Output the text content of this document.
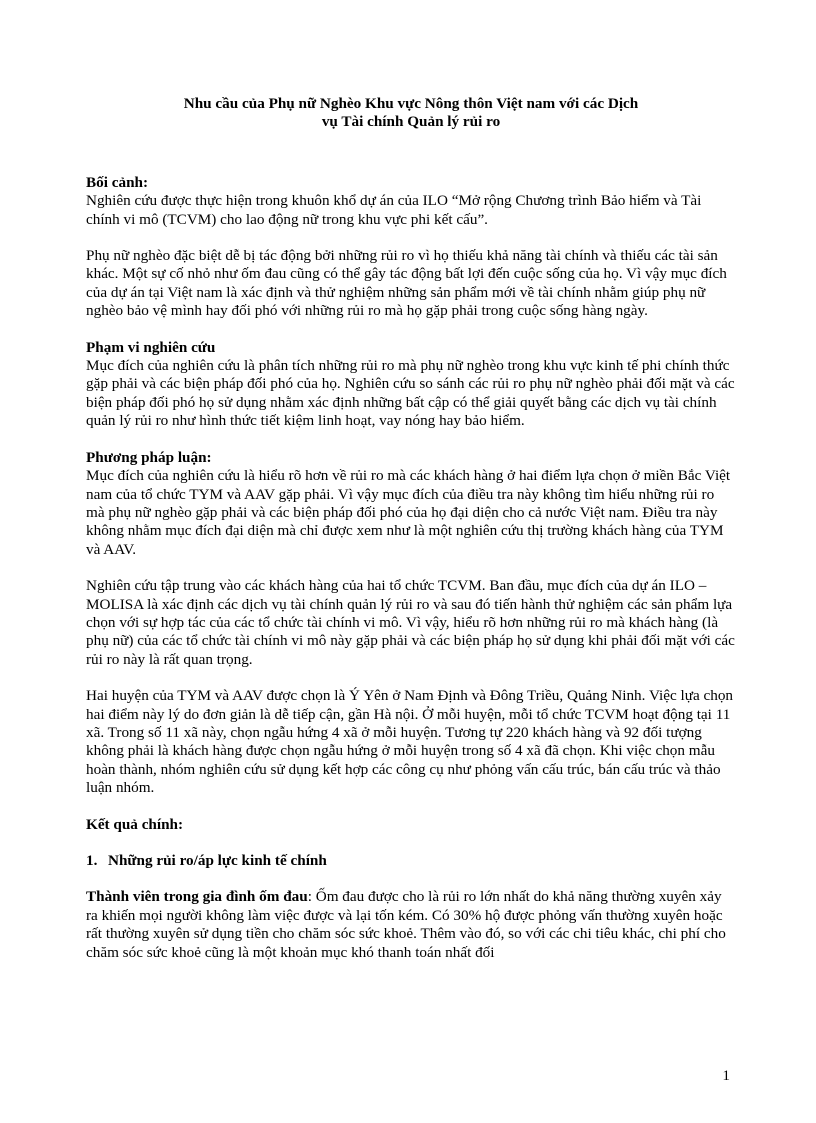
Nhu cầu của Phụ nữ Nghèo Khu vực Nông thôn Việt nam với các Dịch
vụ Tài chính Quản lý rủi ro

Bối cảnh:

Nghiên cứu được thực hiện trong khuôn khổ dự án của ILO “Mở rộng Chương trình Bảo hiểm và Tài chính vi mô (TCVM) cho lao động nữ trong khu vực phi kết cấu”.

Phụ nữ nghèo đặc biệt dễ bị tác động bởi những rủi ro vì họ thiếu khả năng tài chính và thiếu các tài sản khác. Một sự cố nhỏ như ốm đau cũng có thể gây tác động bất lợi đến cuộc sống của họ. Vì vậy mục đích của dự án tại Việt nam là xác định và thử nghiệm những sản phẩm mới về tài chính nhằm giúp phụ nữ nghèo bảo vệ mình hay đối phó với những rủi ro mà họ gặp phải trong cuộc sống hàng ngày.

Phạm vi nghiên cứu

Mục đích của nghiên cứu là phân tích những rủi ro mà phụ nữ nghèo trong khu vực kinh tế phi chính thức gặp phải và các biện pháp đối phó của họ. Nghiên cứu so sánh các rủi ro phụ nữ nghèo phải đối mặt và các biện pháp đối phó họ sử dụng nhằm xác định những bất cập có thể giải quyết bằng các dịch vụ tài chính quản lý rủi ro như hình thức tiết kiệm linh hoạt, vay nóng hay bảo hiểm.

Phương pháp luận:

Mục đích của nghiên cứu là hiểu rõ hơn về rủi ro mà các khách hàng ở hai điểm lựa chọn ở miền Bắc Việt nam của tổ chức TYM và AAV gặp phải. Vì vậy mục đích của điều tra này không tìm hiểu những rủi ro mà phụ nữ nghèo gặp phải và các biện pháp đối phó của họ đại diện cho cả nước Việt nam. Điều tra này không nhằm mục đích đại diện mà chỉ được xem như là một nghiên cứu thị trường khách hàng của TYM và AAV.

Nghiên cứu tập trung vào các khách hàng của hai tổ chức TCVM. Ban đầu, mục đích của dự án ILO – MOLISA là xác định các dịch vụ tài chính quản lý rủi ro và sau đó tiến hành thử nghiệm các sản phẩm lựa chọn với sự hợp tác của các tổ chức tài chính vi mô. Vì vậy, hiểu rõ hơn những rủi ro mà khách hàng (là phụ nữ) của các tổ chức tài chính vi mô này gặp phải và các biện pháp họ sử dụng khi phải đối mặt với các rủi ro này là rất quan trọng.

Hai huyện của TYM và AAV được chọn là Ý Yên ở Nam Định và Đông Triều, Quảng Ninh. Việc lựa chọn hai điểm này lý do đơn giản là dễ tiếp cận, gần Hà nội. Ở mỗi huyện, mỗi tổ chức TCVM hoạt động tại 11 xã. Trong số 11 xã này, chọn ngẫu hứng 4 xã ở mỗi huyện. Tương tự 220 khách hàng và 92 đối tượng không phải là khách hàng được chọn ngẫu hứng ở mỗi huyện trong số 4 xã đã chọn. Khi việc chọn mẫu hoàn thành, nhóm nghiên cứu sử dụng kết hợp các công cụ như phỏng vấn cấu trúc, bán cấu trúc và thảo luận nhóm.

Kết quả chính:

1. Những rủi ro/áp lực kinh tế chính

Thành viên trong gia đình ốm đau: Ốm đau được cho là rủi ro lớn nhất do khả năng thường xuyên xảy ra khiến mọi người không làm việc được và lại tốn kém. Có 30% hộ được phỏng vấn thường xuyên hoặc rất thường xuyên sử dụng tiền cho chăm sóc sức khoẻ. Thêm vào đó, so với các chi tiêu khác, chi phí cho chăm sóc sức khoẻ cũng là một khoản mục khó thanh toán nhất đối

1
